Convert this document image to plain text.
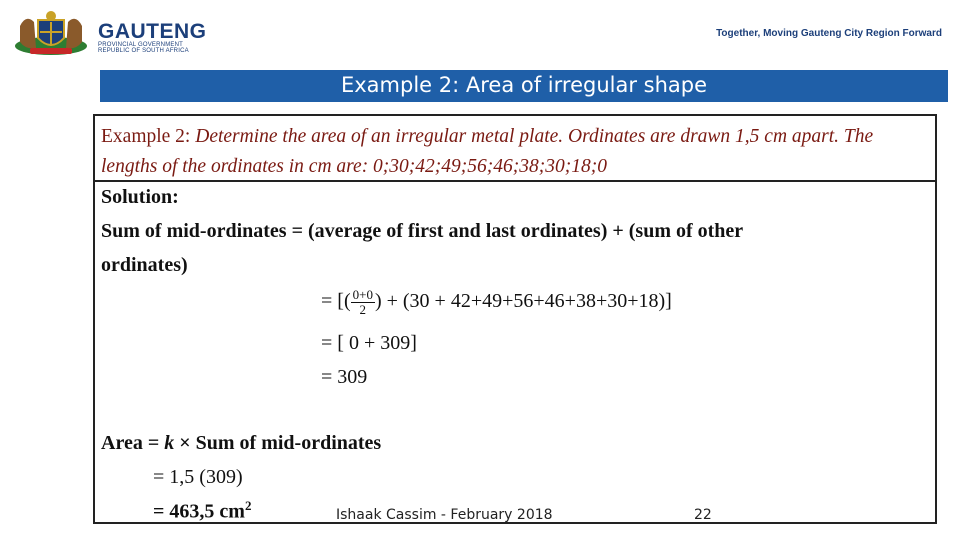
GAUTENG
PROVINCIAL GOVERNMENT
REPUBLIC OF SOUTH AFRICA
Together, Moving Gauteng City Region Forward
Example 2: Area of irregular shape
Example 2: Determine the area of an irregular metal plate. Ordinates are drawn 1,5 cm apart. The lengths of the ordinates in cm are: 0;30;42;49;56;46;38;30;18;0
Solution:
Sum of mid-ordinates = (average of first and last ordinates) + (sum of other
ordinates)
= [( $\frac{0+0}{2}$ ) + (30 + 42+49+56+46+38+30+18)]
= [ 0 + 309]
= 309
Area = k × Sum of mid-ordinates
= 1,5 (309)
= 463,5 $cm^2$
Ishaak Cassim - February 2018	22
